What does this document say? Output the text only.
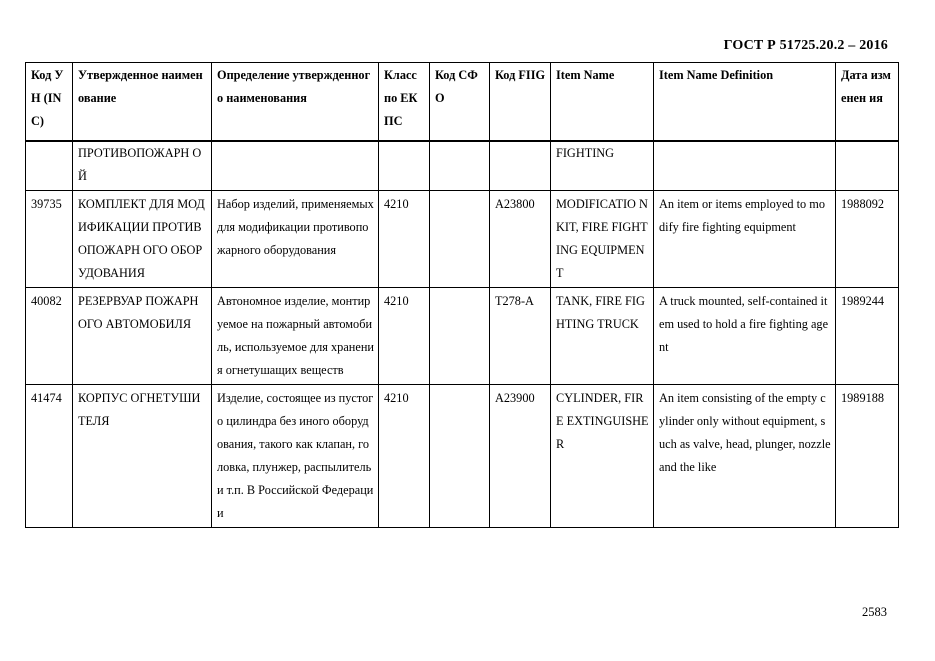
ГОСТ Р 51725.20.2 – 2016
Код УН (INC)	Утвержденное наименование	Определение утвержденного наименования	Класс по ЕКПС	Код СФО	Код FIIG	Item Name	Item Name Definition	Дата изменен ия
	ПРОТИВОПОЖАРН ОЙ					FIGHTING		
39735	КОМПЛЕКТ ДЛЯ МОДИФИКАЦИИ ПРОТИВОПОЖАРН ОГО ОБОРУДОВАНИЯ	Набор изделий, применяемых для модификации противопожарного оборудования	4210		A23800	MODIFICATIO N KIT, FIRE FIGHTING EQUIPMENT	An item or items employed to modify fire fighting equipment	1988092
40082	РЕЗЕРВУАР ПОЖАРНОГО АВТОМОБИЛЯ	Автономное изделие, монтируемое на пожарный автомобиль, используемое для хранения огнетушащих веществ	4210		T278-A	TANK, FIRE FIGHTING TRUCK	A truck mounted, self-contained item used to hold a fire fighting agent	1989244
41474	КОРПУС ОГНЕТУШИТЕЛЯ	Изделие, состоящее из пустого цилиндра без иного оборудования, такого как клапан, головка, плунжер, распылитель и т.п. В Российской Федерации	4210		A23900	CYLINDER, FIRE EXTINGUISHE R	An item consisting of the empty cylinder only without equipment, such as valve, head, plunger, nozzle and the like	1989188
2583
